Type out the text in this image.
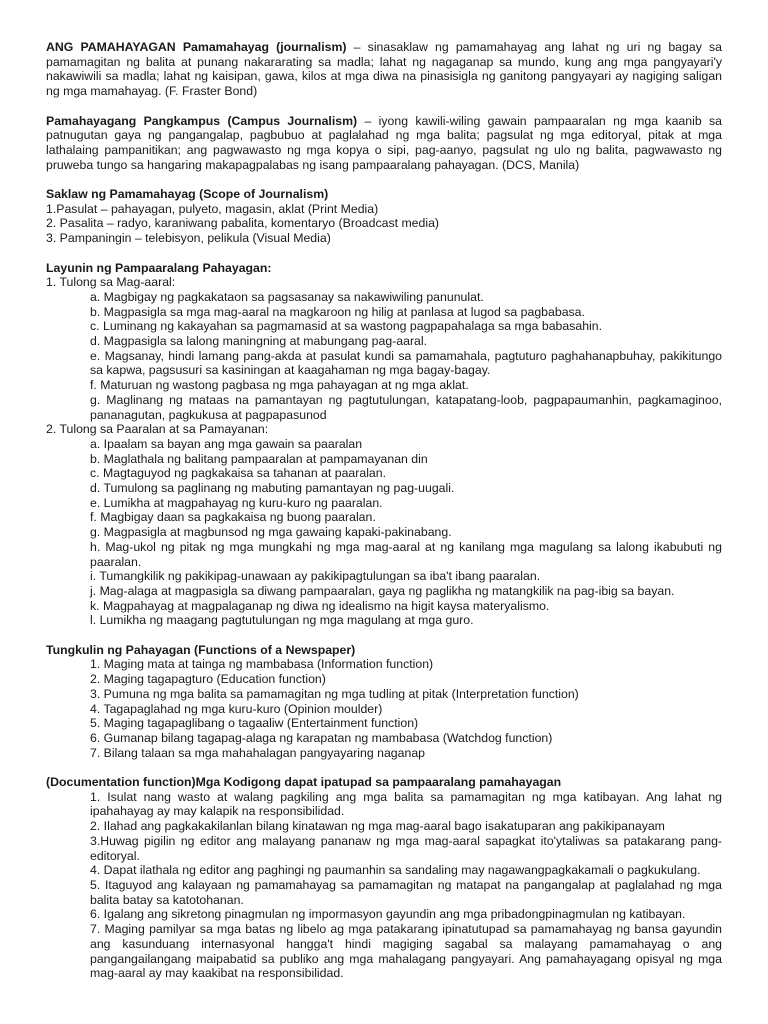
ANG PAMAHAYAGAN Pamamahayag (journalism) – sinasaklaw ng pamamahayag ang lahat ng uri ng bagay sa pamamagitan ng balita at punang nakararating sa madla; lahat ng nagaganap sa mundo, kung ang mga pangyayari'y nakawiwili sa madla; lahat ng kaisipan, gawa, kilos at mga diwa na pinasisigla ng ganitong pangyayari ay nagiging saligan ng mga mamahayag. (F. Fraster Bond)

Pamahayagang Pangkampus (Campus Journalism) – iyong kawili-wiling gawain pampaaralan ng mga kaanib sa patnugutan gaya ng pangangalap, pagbubuo at paglalahad ng mga balita; pagsulat ng mga editoryal, pitak at mga lathalaing pampanitikan; ang pagwawasto ng mga kopya o sipi, pag-aanyo, pagsulat ng ulo ng balita, pagwawasto ng pruweba tungo sa hangaring makapagpalabas ng isang pampaaralang pahayagan. (DCS, Manila)

Saklaw ng Pamamahayag (Scope of Journalism)

1.Pasulat – pahayagan, pulyeto, magasin, aklat (Print Media)

2. Pasalita – radyo, karaniwang pabalita, komentaryo (Broadcast media)

3. Pampaningin – telebisyon, pelikula (Visual Media)

Layunin ng Pampaaralang Pahayagan:

1. Tulong sa Mag-aaral:

a. Magbigay ng pagkakataon sa pagsasanay sa nakawiwiling panunulat.

b. Magpasigla sa mga mag-aaral na magkaroon ng hilig at panlasa at lugod sa pagbabasa.

c. Luminang ng kakayahan sa pagmamasid at sa wastong pagpapahalaga sa mga babasahin.

d. Magpasigla sa lalong maningning at mabungang pag-aaral.

e. Magsanay, hindi lamang pang-akda at pasulat kundi sa pamamahala, pagtuturo paghahanapbuhay, pakikitungo sa kapwa, pagsusuri sa kasiningan at kaagahaman ng mga bagay-bagay.

f. Maturuan ng wastong pagbasa ng mga pahayagan at ng mga aklat.

g. Maglinang ng mataas na pamantayan ng pagtutulungan, katapatang-loob, pagpapaumanhin, pagkamaginoo, pananagutan, pagkukusa at pagpapasunod

2. Tulong sa Paaralan at sa Pamayanan:

a. Ipaalam sa bayan ang mga gawain sa paaralan

b. Maglathala ng balitang pampaaralan at pampamayanan din

c. Magtaguyod ng pagkakaisa sa tahanan at paaralan.

d. Tumulong sa paglinang ng mabuting pamantayan ng pag-uugali.

e. Lumikha at magpahayag ng kuru-kuro ng paaralan.

f. Magbigay daan sa pagkakaisa ng buong paaralan.

g. Magpasigla at magbunsod ng mga gawaing kapaki-pakinabang.

h. Mag-ukol ng pitak ng mga mungkahi ng mga mag-aaral at ng kanilang mga magulang sa lalong ikabubuti ng paaralan.

i. Tumangkilik ng pakikipag-unawaan ay pakikipagtulungan sa iba't ibang paaralan.

j. Mag-alaga at magpasigla sa diwang pampaaralan, gaya ng paglikha ng matangkilik na pag-ibig sa bayan.

k. Magpahayag at magpalaganap ng diwa ng idealismo na higit kaysa materyalismo.

l. Lumikha ng maagang pagtutulungan ng mga magulang at mga guro.

Tungkulin ng Pahayagan (Functions of a Newspaper)

1. Maging mata at tainga ng mambabasa (Information function)

2. Maging tagapagturo (Education function)

3. Pumuna ng mga balita sa pamamagitan ng mga tudling at pitak (Interpretation function)

4. Tagapaglahad ng mga kuru-kuro (Opinion moulder)

5. Maging tagapaglibang o tagaaliw (Entertainment function)

6. Gumanap bilang tagapag-alaga ng karapatan ng mambabasa (Watchdog function)

7. Bilang talaan sa mga mahahalagan pangyayaring naganap

(Documentation function)Mga Kodigong dapat ipatupad sa pampaaralang pamahayagan

1. Isulat nang wasto at walang pagkiling ang mga balita sa pamamagitan ng mga katibayan. Ang lahat ng ipahahayag ay may kalapik na responsibilidad.

2. Ilahad ang pagkakakilanlan bilang kinatawan ng mga mag-aaral bago isakatuparan ang pakikipanayam

3.Huwag pigilin ng editor ang malayang pananaw ng mga mag-aaral sapagkat ito'ytaliwas sa patakarang pang-editoryal.

4. Dapat ilathala ng editor ang paghingi ng paumanhin sa sandaling may nagawangpagkakamali o pagkukulang.

5. Itaguyod ang kalayaan ng pamamahayag sa pamamagitan ng matapat na pangangalap at paglalahad ng mga balita batay sa katotohanan.

6. Igalang ang sikretong pinagmulan ng impormasyon gayundin ang mga pribadongpinagmulan ng katibayan.

7. Maging pamilyar sa mga batas ng libelo ag mga patakarang ipinatutupad sa pamamahayag ng bansa gayundin ang kasunduang internasyonal hangga't hindi magiging sagabal sa malayang pamamahayag o ang pangangailangang maipabatid sa publiko ang mga mahalagang pangyayari. Ang pamahayagang opisyal ng mga mag-aaral ay may kaakibat na responsibilidad.
